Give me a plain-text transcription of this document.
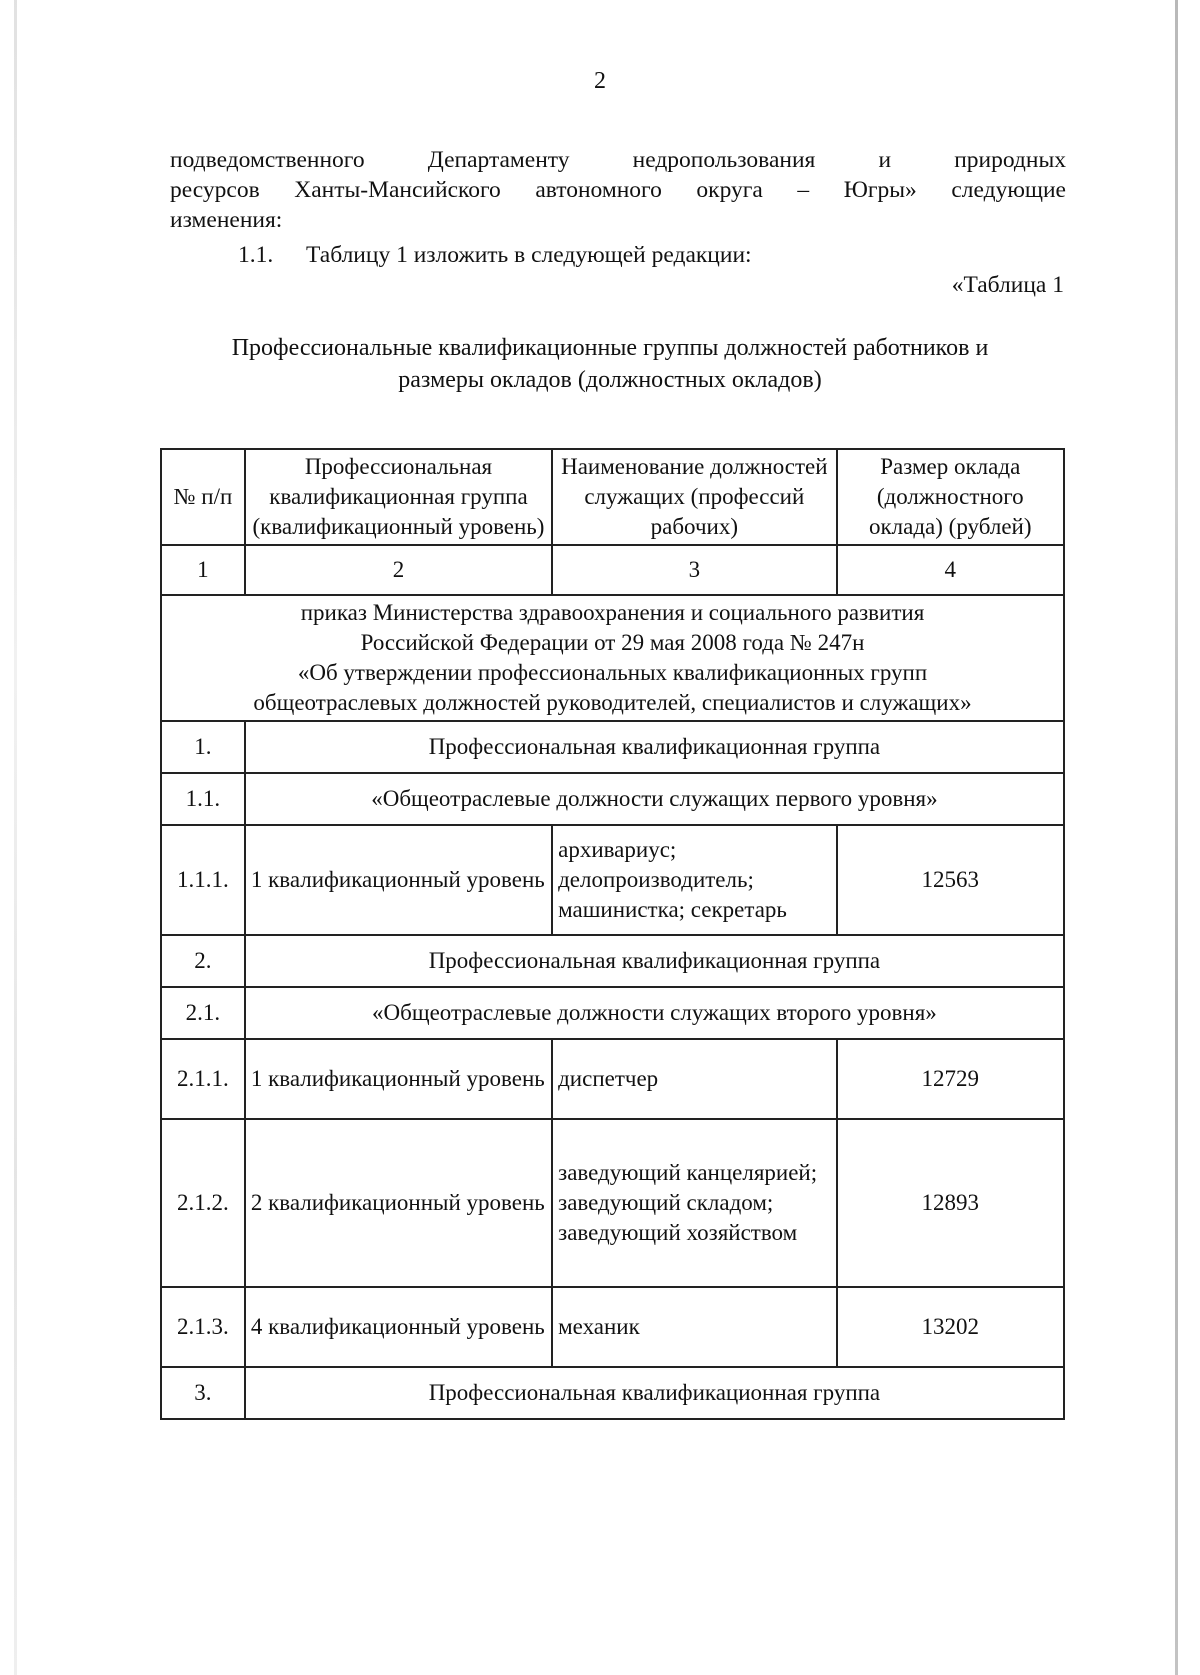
2
подведомственного Департаменту недропользования и природных
ресурсов Ханты-Мансийского автономного округа – Югры» следующие
изменения:
1.1. Таблицу 1 изложить в следующей редакции:
«Таблица 1
Профессиональные квалификационные группы должностей работников и
размеры окладов (должностных окладов)
№ п/п	Профессиональная квалификационная группа (квалификационный уровень)	Наименование должностей служащих (профессий рабочих)	Размер оклада (должностного оклада) (рублей)
1	2	3	4

приказ Министерства здравоохранения и социального развития
Российской Федерации от 29 мая 2008 года № 247н
«Об утверждении профессиональных квалификационных групп
общеотраслевых должностей руководителей, специалистов и служащих»			

1.	Профессиональная квалификационная группа		
1.1.	«Общеотраслевые должности служащих первого уровня»		
1.1.1.	1 квалификационный уровень	архивариус; делопроизводитель; машинистка; секретарь	12563
2.	Профессиональная квалификационная группа		
2.1.	«Общеотраслевые должности служащих второго уровня»		
2.1.1.	1 квалификационный уровень	диспетчер	12729
2.1.2.	2 квалификационный уровень	заведующий канцелярией; заведующий складом; заведующий хозяйством	12893
2.1.3.	4 квалификационный уровень	механик	13202
3.	Профессиональная квалификационная группа		
